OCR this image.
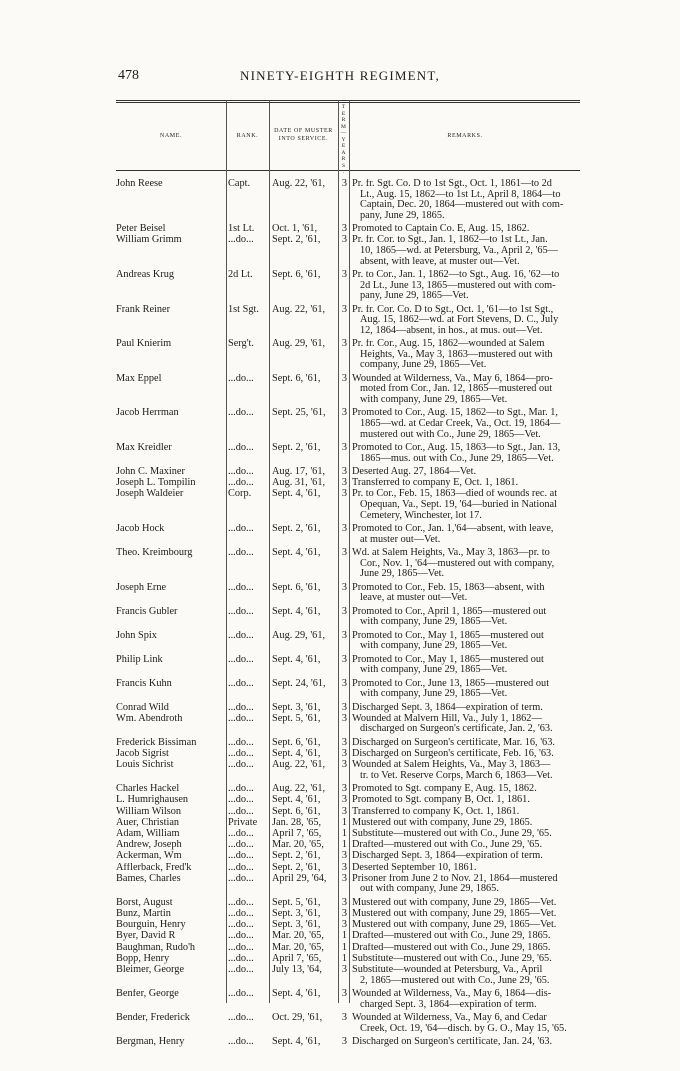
478	NINETY-EIGHTH REGIMENT,
NAME.	RANK.
DATE OF MUSTER
INTO SERVICE.
T
E
R
M
—
Y
E
A
R
S
.
REMARKS.
John Reese	Capt.	Aug. 22, '61,	3 Pr. fr. Sgt. Co. D to 1st Sgt., Oct. 1, 1861—to 2d
Lt., Aug. 15, 1862—to 1st Lt., April 8, 1864—to
Captain, Dec. 20, 1864—mustered out with com-
pany, June 29, 1865.
Peter Beisel	1st Lt.	Oct. 1, '61,	3 Promoted to Captain Co. E, Aug. 15, 1862.
William Grimm	...do...	Sept. 2, '61,	3 Pr. fr. Cor. to Sgt., Jan. 1, 1862—to 1st Lt., Jan.
10, 1865—wd. at Petersburg, Va., April 2, '65—
absent, with leave, at muster out—Vet.
Andreas Krug	2d Lt.	Sept. 6, '61,	3 Pr. to Cor., Jan. 1, 1862—to Sgt., Aug. 16, '62—to
2d Lt., June 13, 1865—mustered out with com-
pany, June 29, 1865—Vet.
Frank Reiner	1st Sgt.	Aug. 22, '61,	3 Pr. fr. Cor. Co. D to Sgt., Oct. 1, '61—to 1st Sgt.,
Aug. 15, 1862—wd. at Fort Stevens, D. C., July
12, 1864—absent, in hos., at mus. out—Vet.
Paul Knierim	Serg't.	Aug. 29, '61,	3 Pr. fr. Cor., Aug. 15, 1862—wounded at Salem
Heights, Va., May 3, 1863—mustered out with
company, June 29, 1865—Vet.
Max Eppel	...do...	Sept. 6, '61,	3 Wounded at Wilderness, Va., May 6, 1864—pro-
moted from Cor., Jan. 12, 1865—mustered out
with company, June 29, 1865—Vet.
Jacob Herrman	...do...	Sept. 25, '61,	3 Promoted to Cor., Aug. 15, 1862—to Sgt., Mar. 1,
1865—wd. at Cedar Creek, Va., Oct. 19, 1864—
mustered out with Co., June 29, 1865—Vet.
Max Kreidler	...do...	Sept. 2, '61,	3 Promoted to Cor., Aug. 15, 1863—to Sgt., Jan. 13,
1865—mus. out with Co., June 29, 1865—Vet.
John C. Maxiner	...do...	Aug. 17, '61,	3 Deserted Aug. 27, 1864—Vet.
Joseph L. Tompilin	...do...	Aug. 31, '61,	3 Transferred to company E, Oct. 1, 1861.
Joseph Waldeier	Corp.	Sept. 4, '61,	3 Pr. to Cor., Feb. 15, 1863—died of wounds rec. at
Opequan, Va., Sept. 19, '64—buried in National
Cemetery, Winchester, lot 17.
Jacob Hock	...do...	Sept. 2, '61,	3 Promoted to Cor., Jan. 1,'64—absent, with leave,
at muster out—Vet.
Theo. Kreimbourg	...do...	Sept. 4, '61,	3 Wd. at Salem Heights, Va., May 3, 1863—pr. to
Cor., Nov. 1, '64—mustered out with company,
June 29, 1865—Vet.
Joseph Erne	...do...	Sept. 6, '61,	3 Promoted to Cor., Feb. 15, 1863—absent, with
leave, at muster out—Vet.
Francis Gubler	...do...	Sept. 4, '61,	3 Promoted to Cor., April 1, 1865—mustered out
with company, June 29, 1865—Vet.
John Spix	...do...	Aug. 29, '61,	3 Promoted to Cor., May 1, 1865—mustered out
with company, June 29, 1865—Vet.
Philip Link	...do...	Sept. 4, '61,	3 Promoted to Cor., May 1, 1865—mustered out
with company, June 29, 1865—Vet.
Francis Kuhn	...do...	Sept. 24, '61,	3 Promoted to Cor., June 13, 1865—mustered out
with company, June 29, 1865—Vet.
Conrad Wild	...do...	Sept. 3, '61,	3 Discharged Sept. 3, 1864—expiration of term.
Wm. Abendroth	...do...	Sept. 5, '61,	3 Wounded at Malvern Hill, Va., July 1, 1862—
discharged on Surgeon's certificate, Jan. 2, '63.
Frederick Bissiman	...do...	Sept. 6, '61,	3 Discharged on Surgeon's certificate, Mar. 16, '63.
Jacob Sigrist	...do...	Sept. 4, '61,	3 Discharged on Surgeon's certificate, Feb. 16, '63.
Louis Sichrist	...do...	Aug. 22, '61,	3 Wounded at Salem Heights, Va., May 3, 1863—
tr. to Vet. Reserve Corps, March 6, 1863—Vet.
Charles Hackel	...do...	Aug. 22, '61,	3 Promoted to Sgt. company E, Aug. 15, 1862.
L. Humrighausen	...do...	Sept. 4, '61,	3 Promoted to Sgt. company B, Oct. 1, 1861.
William Wilson	...do...	Sept. 6, '61,	3 Transferred to company K, Oct. 1, 1861.
Auer, Christian	Private	Jan. 28, '65,	1 Mustered out with company, June 29, 1865.
Adam, William	...do...	April 7, '65,	1 Substitute—mustered out with Co., June 29, '65.
Andrew, Joseph	...do...	Mar. 20, '65,	1 Drafted—mustered out with Co., June 29, '65.
Ackerman, Wm	...do...	Sept. 2, '61,	3 Discharged Sept. 3, 1864—expiration of term.
Afflerback, Fred'k	...do...	Sept. 2, '61,	3 Deserted September 10, 1861.
Bames, Charles	...do...	April 29, '64,	3 Prisoner from June 2 to Nov. 21, 1864—mustered
out with company, June 29, 1865.
Borst, August	...do...	Sept. 5, '61,	3 Mustered out with company, June 29, 1865—Vet.
Bunz, Martin	...do...	Sept. 3, '61,	3 Mustered out with company, June 29, 1865—Vet.
Bourguin, Henry	...do...	Sept. 3, '61,	3 Mustered out with company, June 29, 1865—Vet.
Byer, David R	...do...	Mar. 20, '65,	1 Drafted—mustered out with Co., June 29, 1865.
Baughman, Rudo'h	...do...	Mar. 20, '65,	1 Drafted—mustered out with Co., June 29, 1865.
Bopp, Henry	...do...	April 7, '65,	1 Substitute—mustered out with Co., June 29, '65.
Bleimer, George	...do...	July 13, '64,	3 Substitute—wounded at Petersburg, Va., April
2, 1865—mustered out with Co., June 29, '65.
Benfer, George	...do...	Sept. 4, '61,	3 Wounded at Wilderness, Va., May 6, 1864—dis-
charged Sept. 3, 1864—expiration of term.
Bender, Frederick	...do...	Oct. 29, '61,	3 Wounded at Wilderness, Va., May 6, and Cedar
Creek, Oct. 19, '64—disch. by G. O., May 15, '65.
Bergman, Henry	...do...	Sept. 4, '61,	3 Discharged on Surgeon's certificate, Jan. 24, '63.
